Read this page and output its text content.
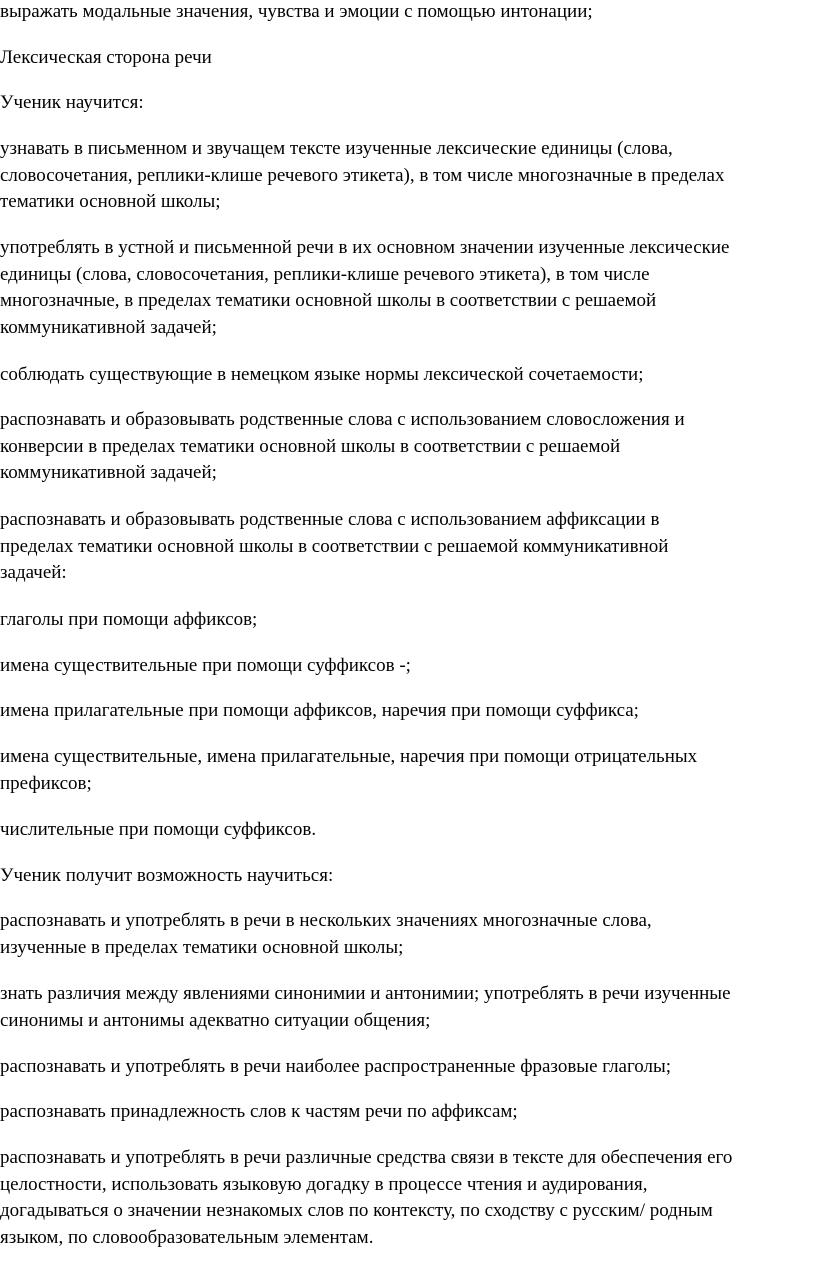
выражать модальные значения, чувства и эмоции с помощью интонации;

Лексическая сторона речи

Ученик научится:

узнавать в письменном и звучащем тексте изученные лексические единицы (слова,
словосочетания, реплики-клише речевого этикета), в том числе многозначные в пределах
тематики основной школы;

употреблять в устной и письменной речи в их основном значении изученные лексические
единицы (слова, словосочетания, реплики-клише речевого этикета), в том числе
многозначные, в пределах тематики основной школы в соответствии с решаемой
коммуникативной задачей;

соблюдать существующие в немецком языке нормы лексической сочетаемости;

распознавать и образовывать родственные слова с использованием словосложения и
конверсии в пределах тематики основной школы в соответствии с решаемой
коммуникативной задачей;

распознавать и образовывать родственные слова с использованием аффиксации в
пределах тематики основной школы в соответствии с решаемой коммуникативной
задачей:

глаголы при помощи аффиксов;

имена существительные при помощи суффиксов -;

имена прилагательные при помощи аффиксов, наречия при помощи суффикса;

имена существительные, имена прилагательные, наречия при помощи отрицательных
префиксов;

числительные при помощи суффиксов.

Ученик получит возможность научиться:

распознавать и употреблять в речи в нескольких значениях многозначные слова,
изученные в пределах тематики основной школы;

знать различия между явлениями синонимии и антонимии; употреблять в речи изученные
синонимы и антонимы адекватно ситуации общения;

распознавать и употреблять в речи наиболее распространенные фразовые глаголы;

распознавать принадлежность слов к частям речи по аффиксам;

распознавать и употреблять в речи различные средства связи в тексте для обеспечения его
целостности, использовать языковую догадку в процессе чтения и аудирования,
догадываться о значении незнакомых слов по контексту, по сходству с русским/ родным
языком, по словообразовательным элементам.
